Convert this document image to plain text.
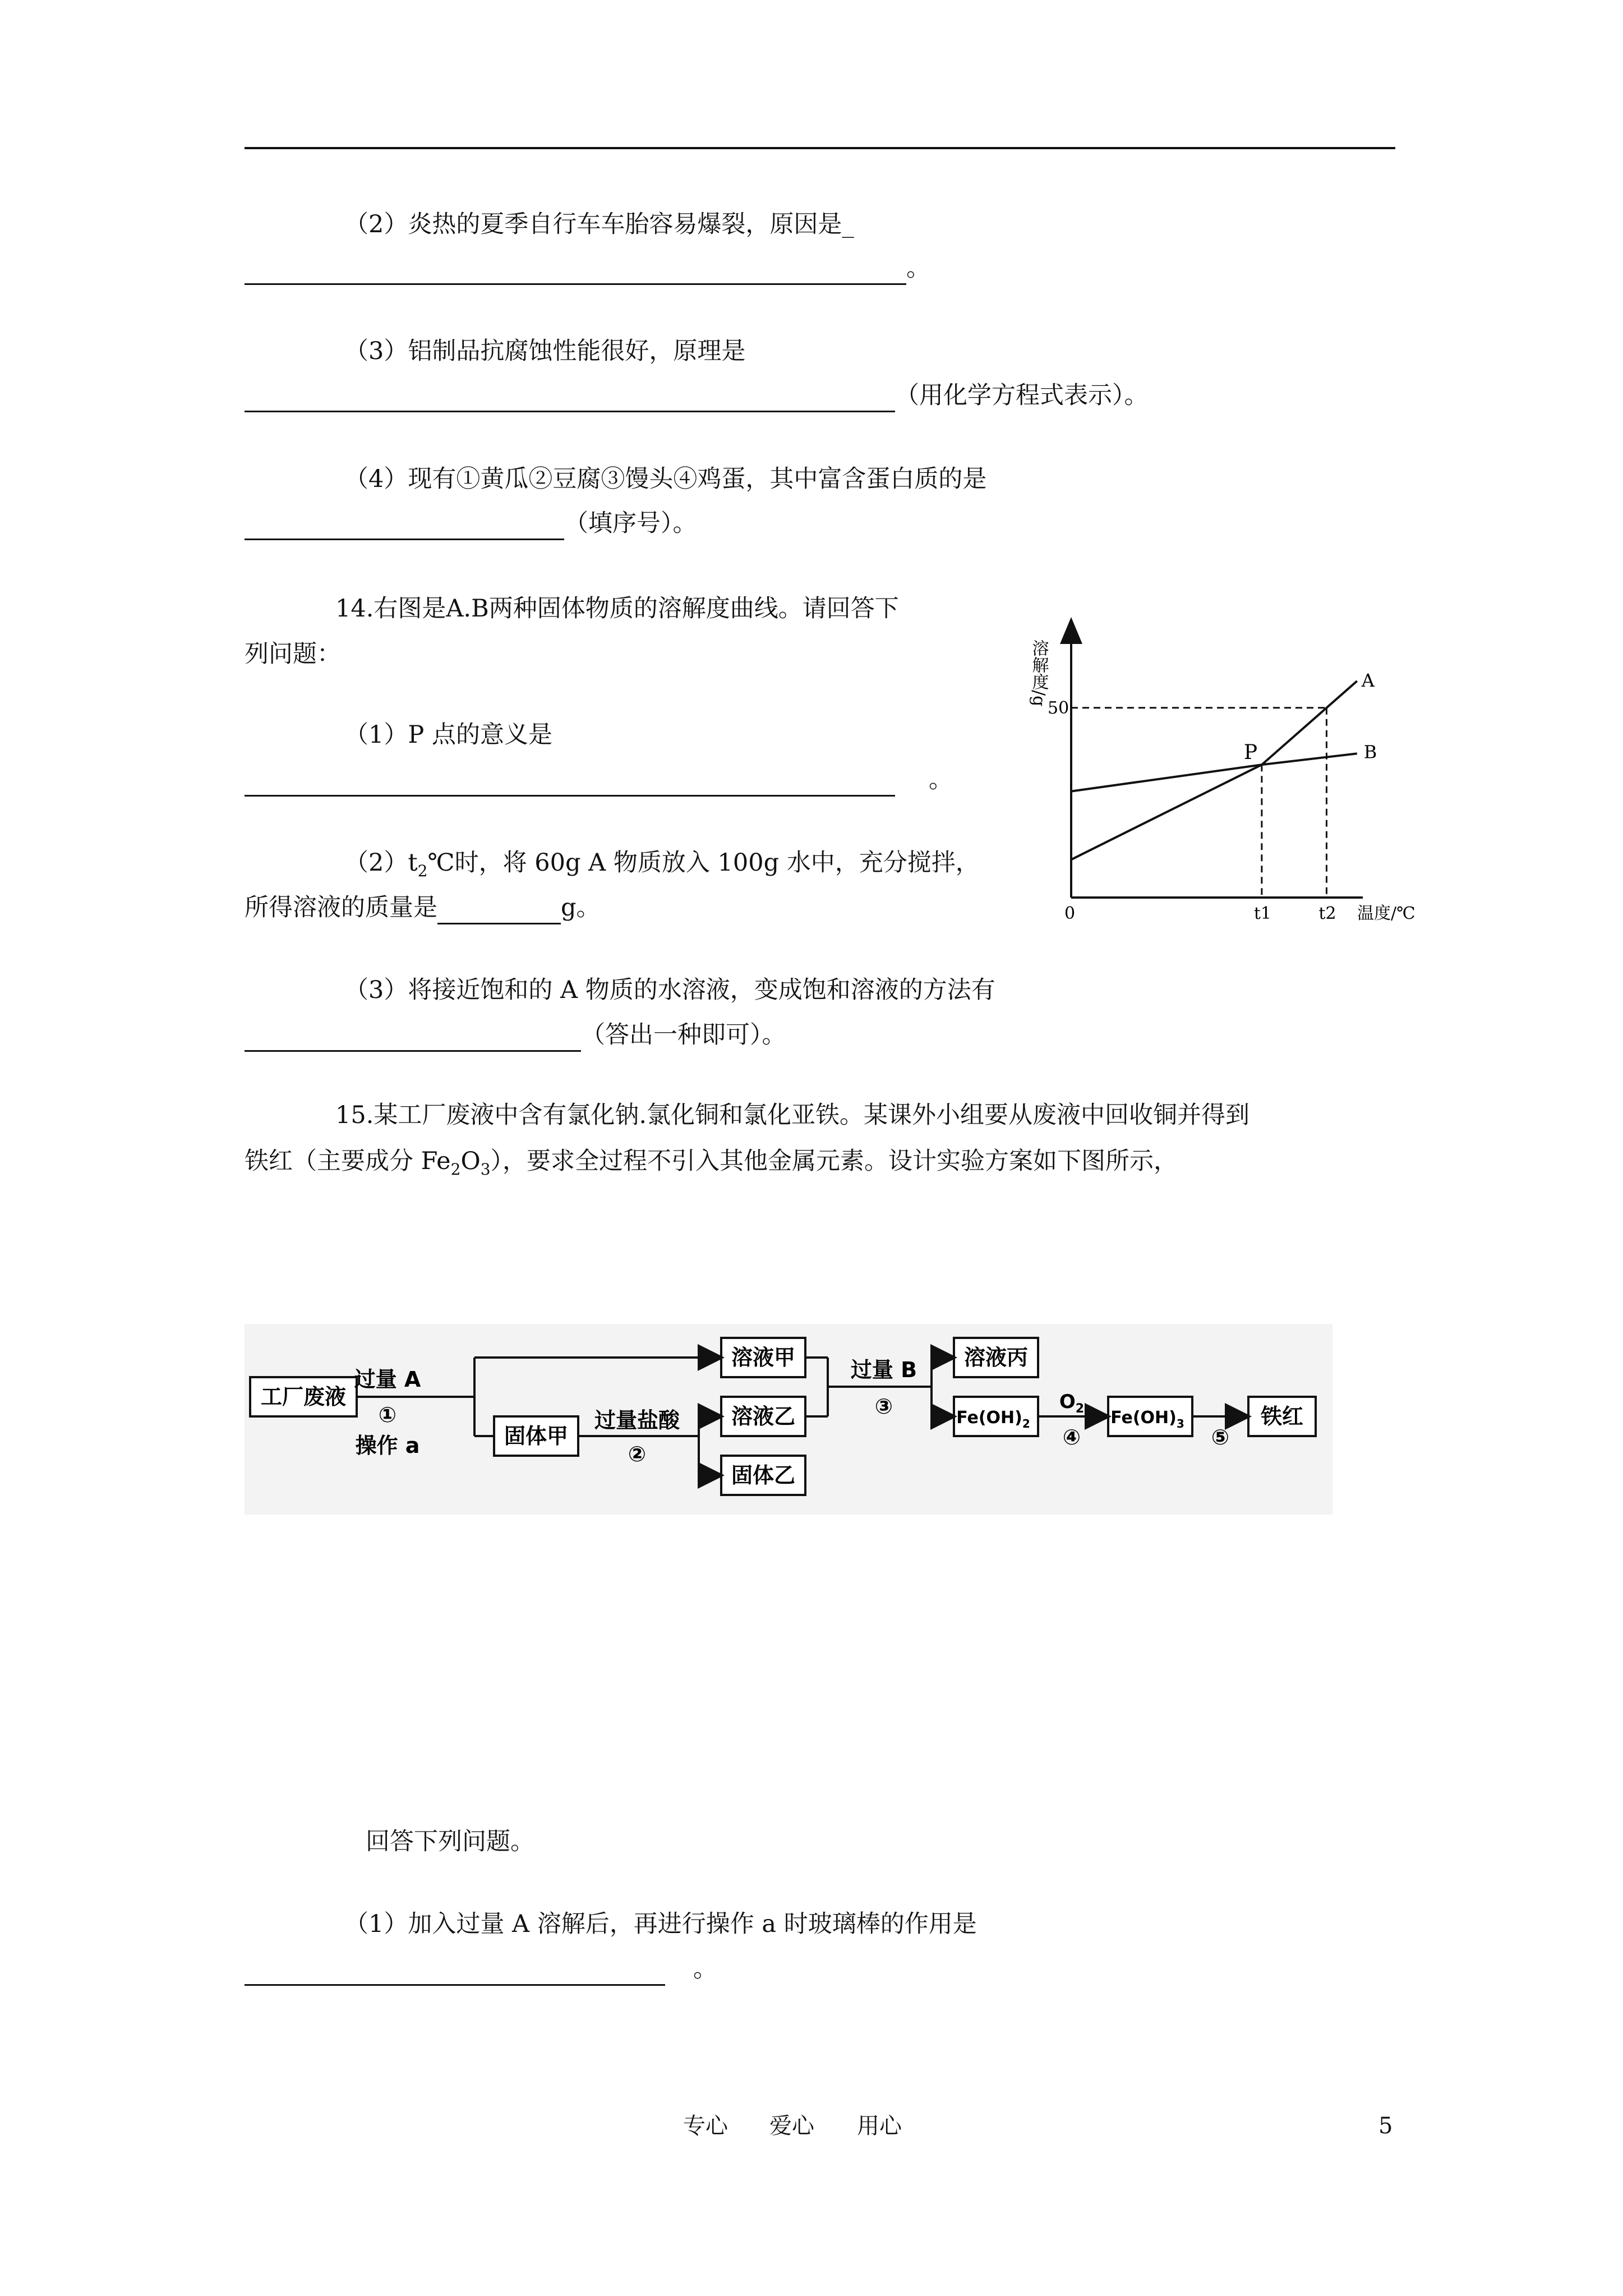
（2）炎热的夏季自行车车胎容易爆裂，原因是_
。
（3）铝制品抗腐蚀性能很好，原理是
（用化学方程式表示）。
（4）现有①黄瓜②豆腐③馒头④鸡蛋，其中富含蛋白质的是
（填序号）。
14.右图是A.B两种固体物质的溶解度曲线。请回答下
列问题：
（1）P 点的意义是
。
$(2)t_2℃$时，将 60g A 物质放入 100g 水中，充分搅拌，
所得溶液的质量是	g。
（3）将接近饱和的 A 物质的水溶液，变成饱和溶液的方法有
（答出一种即可）。
溶解度/g
温度/℃
0
50
t1	t2
A
B
P
15.某工厂废液中含有氯化钠.氯化铜和氯化亚铁。某课外小组要从废液中回收铜并得到
铁红（主要成分 $Fe_2O_3$），要求全过程不引入其他金属元素。设计实验方案如下图所示，
工厂废液
固体甲
溶液甲
溶液乙
固体乙
溶液丙
$Fe(OH)_2$	$Fe(OH)_3$	铁红
过量 A
①
操作 a
过量盐酸
②
过量 B
③	$O_2$
④	⑤
回答下列问题。
（1）加入过量 A 溶解后，再进行操作 a 时玻璃棒的作用是
。
专心 爱心 用心	5
